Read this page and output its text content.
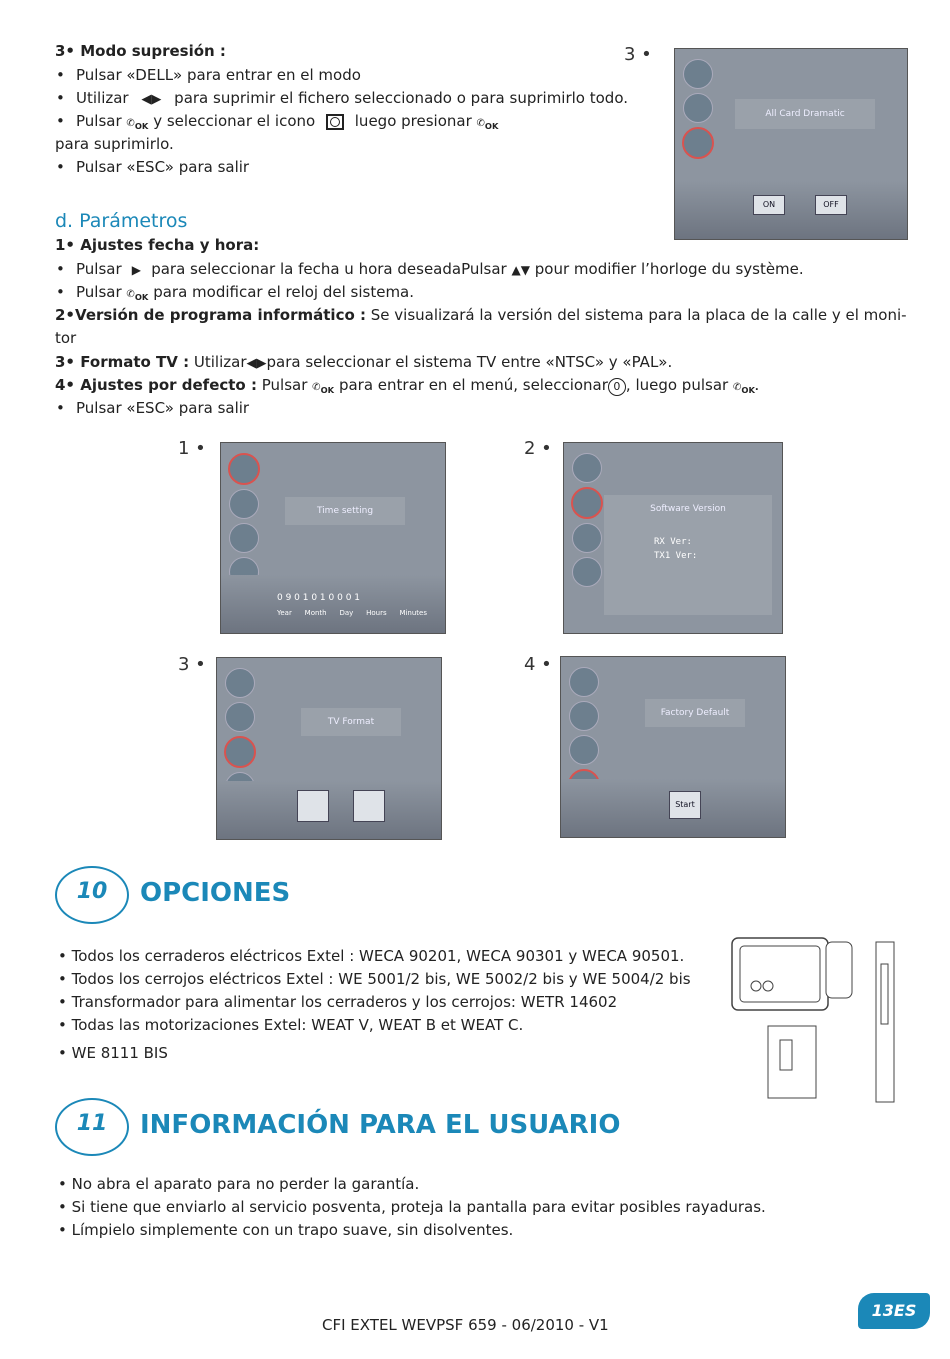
3• Modo supresión :
• Pulsar «DELL» para entrar en el modo
• Utilizar ◀▶ para suprimir el fichero seleccionado o para suprimirlo todo.
• Pulsar $✆_{OK}$ y seleccionar el icono	luego presionar $✆_{OK}$
para suprimirlo.
• Pulsar «ESC» para salir
3 •
All Card Dramatic
ON	OFF
d. Parámetros
1• Ajustes fecha y hora:
• Pulsar ▶ para seleccionar la fecha u hora deseadaPulsar ▲▼ pour modifier l’horloge du système.
• Pulsar $✆_{OK}$ para modificar el reloj del sistema.
2•Versión de programa informático : Se visualizará la versión del sistema para la placa de la calle y el moni-
tor
3• Formato TV : Utilizar◀▶para seleccionar el sistema TV entre «NTSC» y «PAL».
4• Ajustes por defecto : Pulsar $✆_{OK}$ para entrar en el menú, seleccionar 0 , luego pulsar $✆_{OK}$.
• Pulsar «ESC» para salir
1 •
Time setting
0 9 0 1 0 1 0 0 0 1
Year Month Day Hours Minutes
2 •
Software Version
RX Ver:
TX1 Ver:
3 •
TV Format
4 •
Factory Default
Start
10	OPCIONES
• Todos los cerraderos eléctricos Extel : WECA 90201, WECA 90301 y WECA 90501.
• Todos los cerrojos eléctricos Extel : WE 5001/2 bis, WE 5002/2 bis y WE 5004/2 bis
• Transformador para alimentar los cerraderos y los cerrojos: WETR 14602
• Todas las motorizaciones Extel: WEAT V, WEAT B et WEAT C.
• WE 8111 BIS
11	INFORMACIÓN PARA EL USUARIO
• No abra el aparato para no perder la garantía.
• Si tiene que enviarlo al servicio posventa, proteja la pantalla para evitar posibles rayaduras.
• Límpielo simplemente con un trapo suave, sin disolventes.
CFI EXTEL WEVPSF 659 - 06/2010 - V1
13ES
